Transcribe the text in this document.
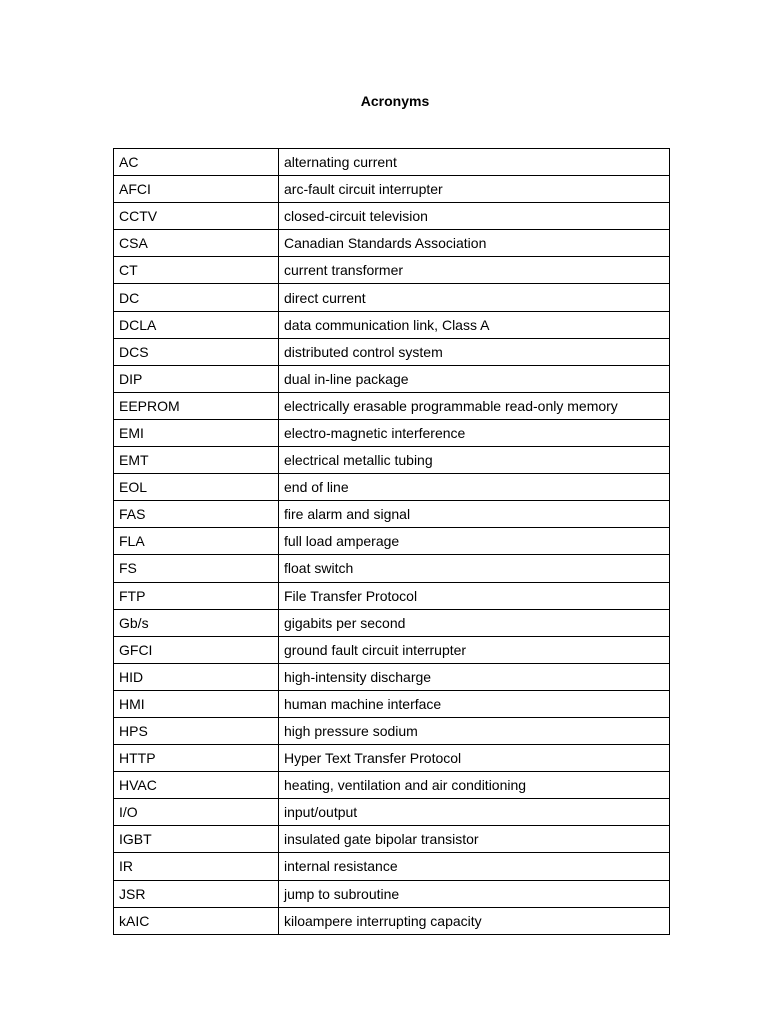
Acronyms
AC	alternating current
AFCI	arc-fault circuit interrupter
CCTV	closed-circuit television
CSA	Canadian Standards Association
CT	current transformer
DC	direct current
DCLA	data communication link, Class A
DCS	distributed control system
DIP	dual in-line package
EEPROM	electrically erasable programmable read-only memory
EMI	electro-magnetic interference
EMT	electrical metallic tubing
EOL	end of line
FAS	fire alarm and signal
FLA	full load amperage
FS	float switch
FTP	File Transfer Protocol
Gb/s	gigabits per second
GFCI	ground fault circuit interrupter
HID	high-intensity discharge
HMI	human machine interface
HPS	high pressure sodium
HTTP	Hyper Text Transfer Protocol
HVAC	heating, ventilation and air conditioning
I/O	input/output
IGBT	insulated gate bipolar transistor
IR	internal resistance
JSR	jump to subroutine
kAIC	kiloampere interrupting capacity
